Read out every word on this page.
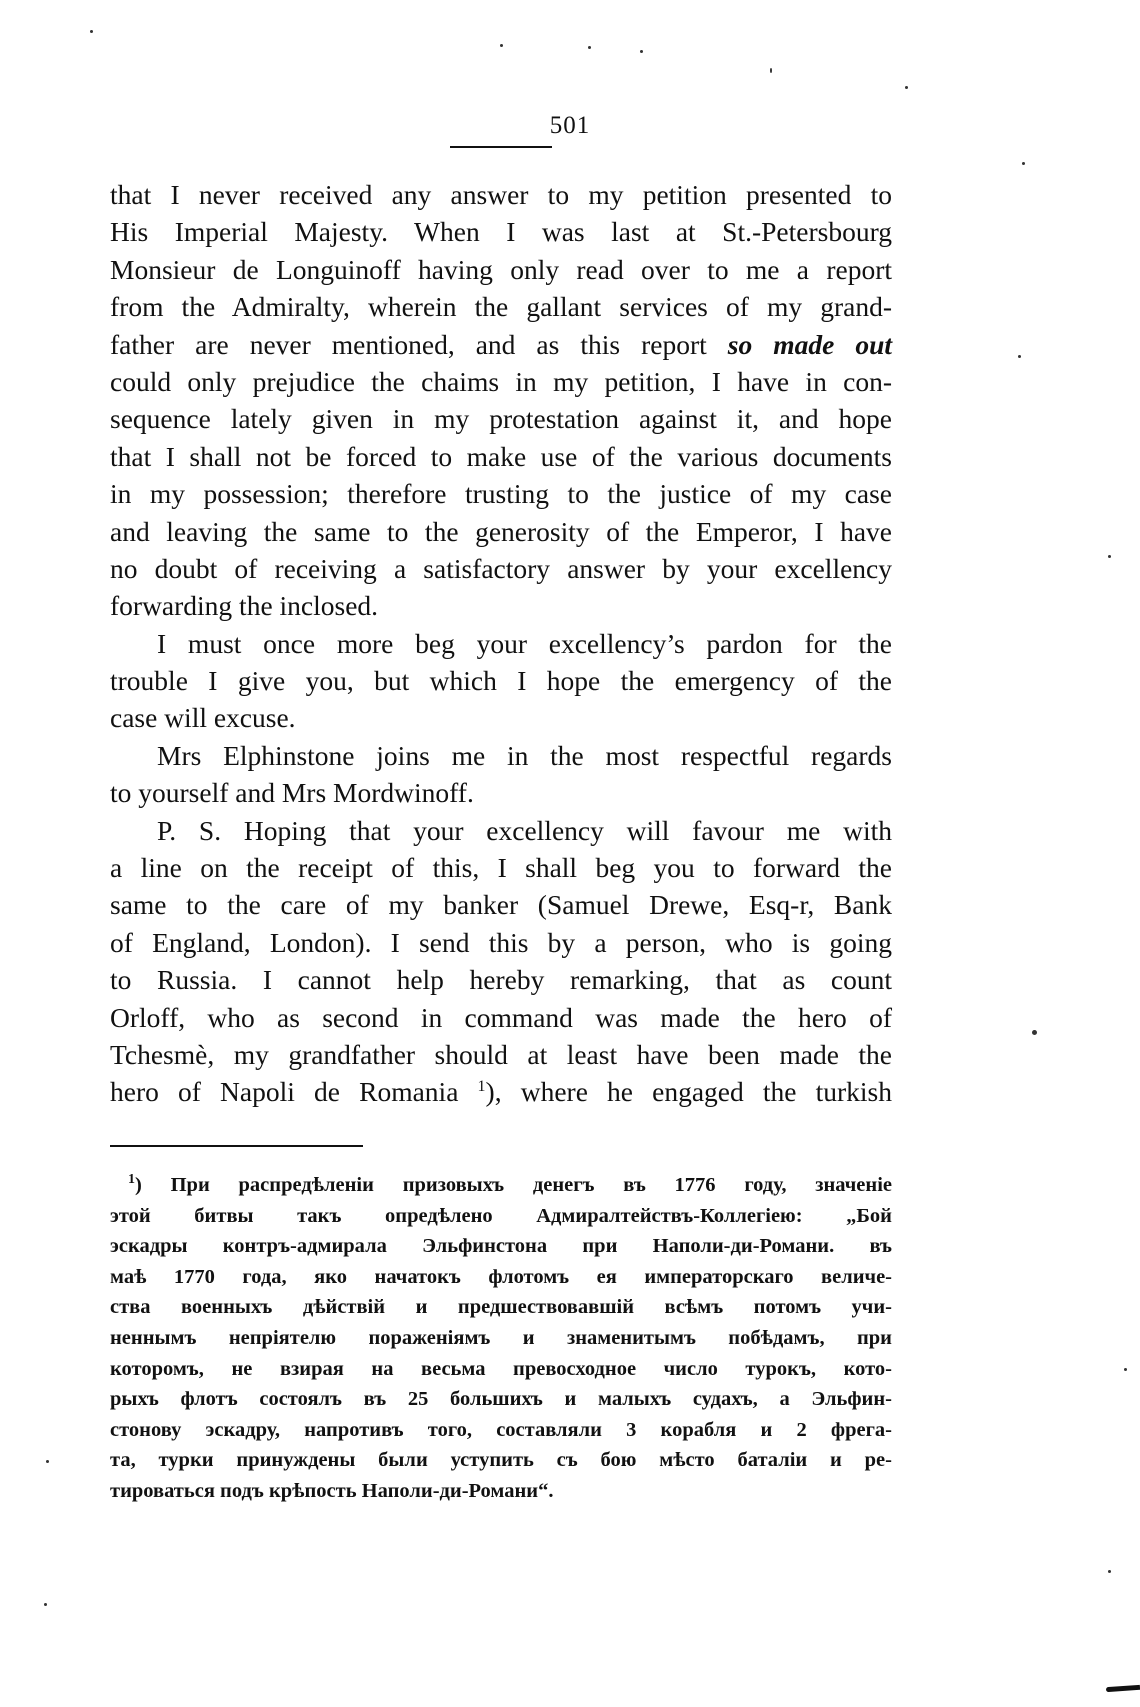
501
that I never received any answer to my petition presented to
His Imperial Majesty. When I was last at St.-Petersbourg
Monsieur de Longuinoff having only read over to me a report
from the Admiralty, wherein the gallant services of my grand-
father are never mentioned, and as this report so made out
could only prejudice the chaims in my petition, I have in con-
sequence lately given in my protestation against it, and hope
that I shall not be forced to make use of the various documents
in my possession; therefore trusting to the justice of my case
and leaving the same to the generosity of the Emperor, I have
no doubt of receiving a satisfactory answer by your excellency
forwarding the inclosed.
I must once more beg your excellency’s pardon for the
trouble I give you, but which I hope the emergency of the
case will excuse.
Mrs Elphinstone joins me in the most respectful regards
to yourself and Mrs Mordwinoff.
P. S. Hoping that your excellency will favour me with
a line on the receipt of this, I shall beg you to forward the
same to the care of my banker (Samuel Drewe, Esq-r, Bank
of England, London). I send this by a person, who is going
to Russia. I cannot help hereby remarking, that as count
Orloff, who as second in command was made the hero of
Tchesmè, my grandfather should at least have been made the
hero of Napoli de Romania $^1$), where he engaged the turkish
$^1$) При распредѣленіи призовыхъ денегъ въ 1776 году, значеніе
этой битвы такъ опредѣлено Адмиралтействъ-Коллегіею: „Бой
эскадры контръ-адмирала Эльфинстона при Наполи-ди-Романи. въ
маѣ 1770 года, яко начатокъ флотомъ ея императорскаго величе-
ства военныхъ дѣйствій и предшествовавшій всѣмъ потомъ учи-
неннымъ непріятелю пораженіямъ и знаменитымъ побѣдамъ, при
которомъ, не взирая на весьма превосходное число турокъ, кото-
рыхъ флотъ состоялъ въ 25 большихъ и малыхъ судахъ, а Эльфин-
стонову эскадру, напротивъ того, составляли 3 корабля и 2 фрега-
та, турки принуждены были уступить съ бою мѣсто баталіи и ре-
тироваться подъ крѣпость Наполи-ди-Романи“.
